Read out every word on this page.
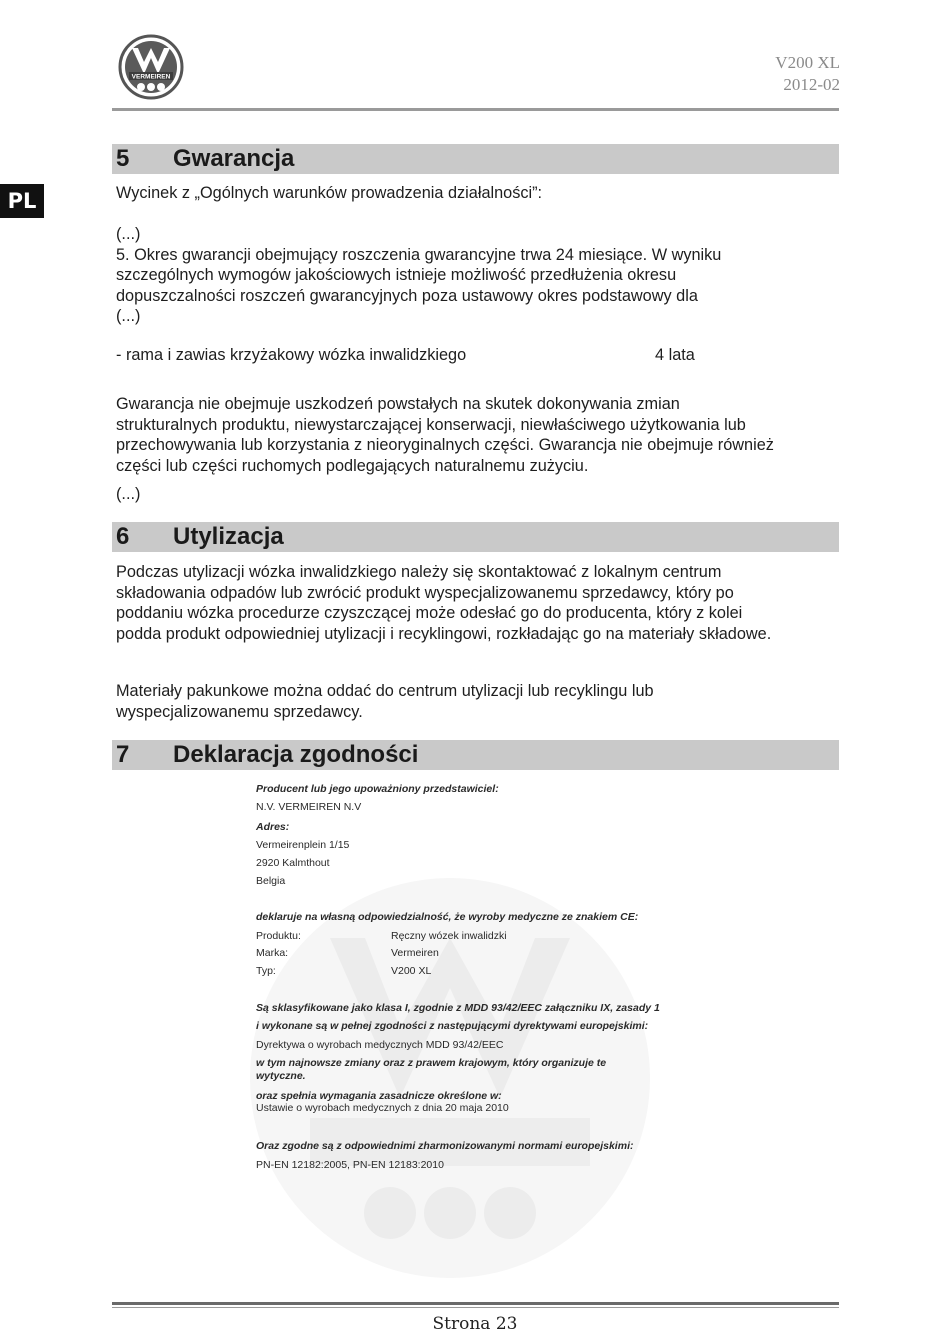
VERMEIREN
V200 XL
2012-02
PL
5 Gwarancja
Wycinek z „Ogólnych warunków prowadzenia działalności”:
(...)
5. Okres gwarancji obejmujący roszczenia gwarancyjne trwa 24 miesiące. W wyniku
szczególnych wymogów jakościowych istnieje możliwość przedłużenia okresu
dopuszczalności roszczeń gwarancyjnych poza ustawowy okres podstawowy dla
(...)
- rama i zawias krzyżakowy wózka inwalidzkiego	4 lata
Gwarancja nie obejmuje uszkodzeń powstałych na skutek dokonywania zmian
strukturalnych produktu, niewystarczającej konserwacji, niewłaściwego użytkowania lub
przechowywania lub korzystania z nieoryginalnych części. Gwarancja nie obejmuje również
części lub części ruchomych podlegających naturalnemu zużyciu.
(...)
6 Utylizacja
Podczas utylizacji wózka inwalidzkiego należy się skontaktować z lokalnym centrum
składowania odpadów lub zwrócić produkt wyspecjalizowanemu sprzedawcy, który po
poddaniu wózka procedurze czyszczącej może odesłać go do producenta, który z kolei
podda produkt odpowiedniej utylizacji i recyklingowi, rozkładając go na materiały składowe.
Materiały pakunkowe można oddać do centrum utylizacji lub recyklingu lub
wyspecjalizowanemu sprzedawcy.
7 Deklaracja zgodności
Producent lub jego upoważniony przedstawiciel:
N.V. VERMEIREN N.V
Adres:
Vermeirenplein 1/15
2920 Kalmthout
Belgia
deklaruje na własną odpowiedzialność, że wyroby medyczne ze znakiem CE:
Produktu:	Ręczny wózek inwalidzki
Marka:	Vermeiren
Typ:	V200 XL
Są sklasyfikowane jako klasa I, zgodnie z MDD 93/42/EEC załączniku IX, zasady 1
i wykonane są w pełnej zgodności z następującymi dyrektywami europejskimi:
Dyrektywa o wyrobach medycznych MDD 93/42/EEC
w tym najnowsze zmiany oraz z prawem krajowym, który organizuje te
wytyczne.
oraz spełnia wymagania zasadnicze określone w:
Ustawie o wyrobach medycznych z dnia 20 maja 2010
Oraz zgodne są z odpowiednimi zharmonizowanymi normami europejskimi:
PN-EN 12182:2005, PN-EN 12183:2010
Strona 23
